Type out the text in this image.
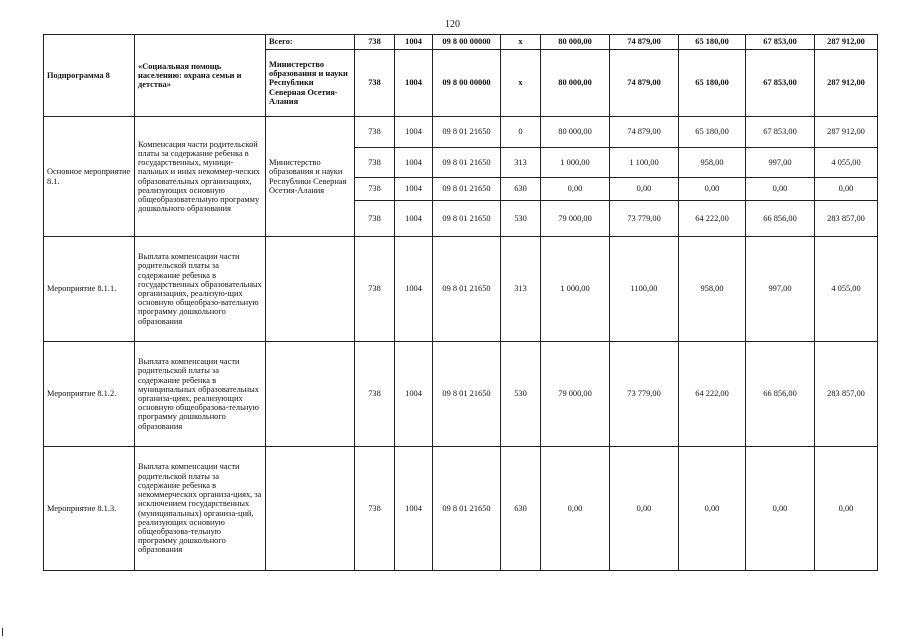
120
Подпрограмма 8	«Социальная помощь населению: охрана семьи и детства»	Всего:	738	1004	09 8 00 00000	х	80 000,00	74 879,00	65 180,00	67 853,00	287 912,00
		Министерство образования и науки Республики Северная Осетия-Алания	738	1004	09 8 00 00000	х	80 000,00	74 879,00	65 180,00	67 853,00	287 912,00
Основное мероприятие 8.1.	Компенсация части родительской платы за содержание ребенка в государственных, муници-пальных и иных некоммер-ческих образовательных организациях, реализующих основную общеобразовательную программу дошкольного образования	Министерство образования и науки Республики Северная Осетия-Алания	738	1004	09 8 01 21650	0	80 000,00	74 879,00	65 180,00	67 853,00	287 912,00
			738	1004	09 8 01 21650	313	1 000,00	1 100,00	958,00	997,00	4 055,00
			738	1004	09 8 01 21650	630	0,00	0,00	0,00	0,00	0,00
			738	1004	09 8 01 21650	530	79 000,00	73 779,00	64 222,00	66 856,00	283 857,00
Мероприятие 8.1.1.	Выплата компенсации части родительской платы за содержание ребенка в государственных образовательных организациях, реализую-щих основную общеобразо-вательную программу дошкольного образования		738	1004	09 8 01 21650	313	1 000,00	1100,00	958,00	997,00	4 055,00
Мероприятие 8.1.2.	Выплата компенсации части родительской платы за содержание ребенка в муниципальных образовательных организа-циях, реализующих основную общеобразова-тельную программу дошкольного образования		738	1004	09 8 01 21650	530	79 000,00	73 779,00	64 222,00	66 856,00	283 857,00
Мероприятие 8.1.3.	Выплата компенсации части родительской платы за содержание ребенка в некоммерческих организа-циях, за исключением государственных (муниципальных) организа-ций, реализующих основную общеобразова-тельную программу дошкольного образования		738	1004	09 8 01 21650	630	0,00	0,00	0,00	0,00	0,00
